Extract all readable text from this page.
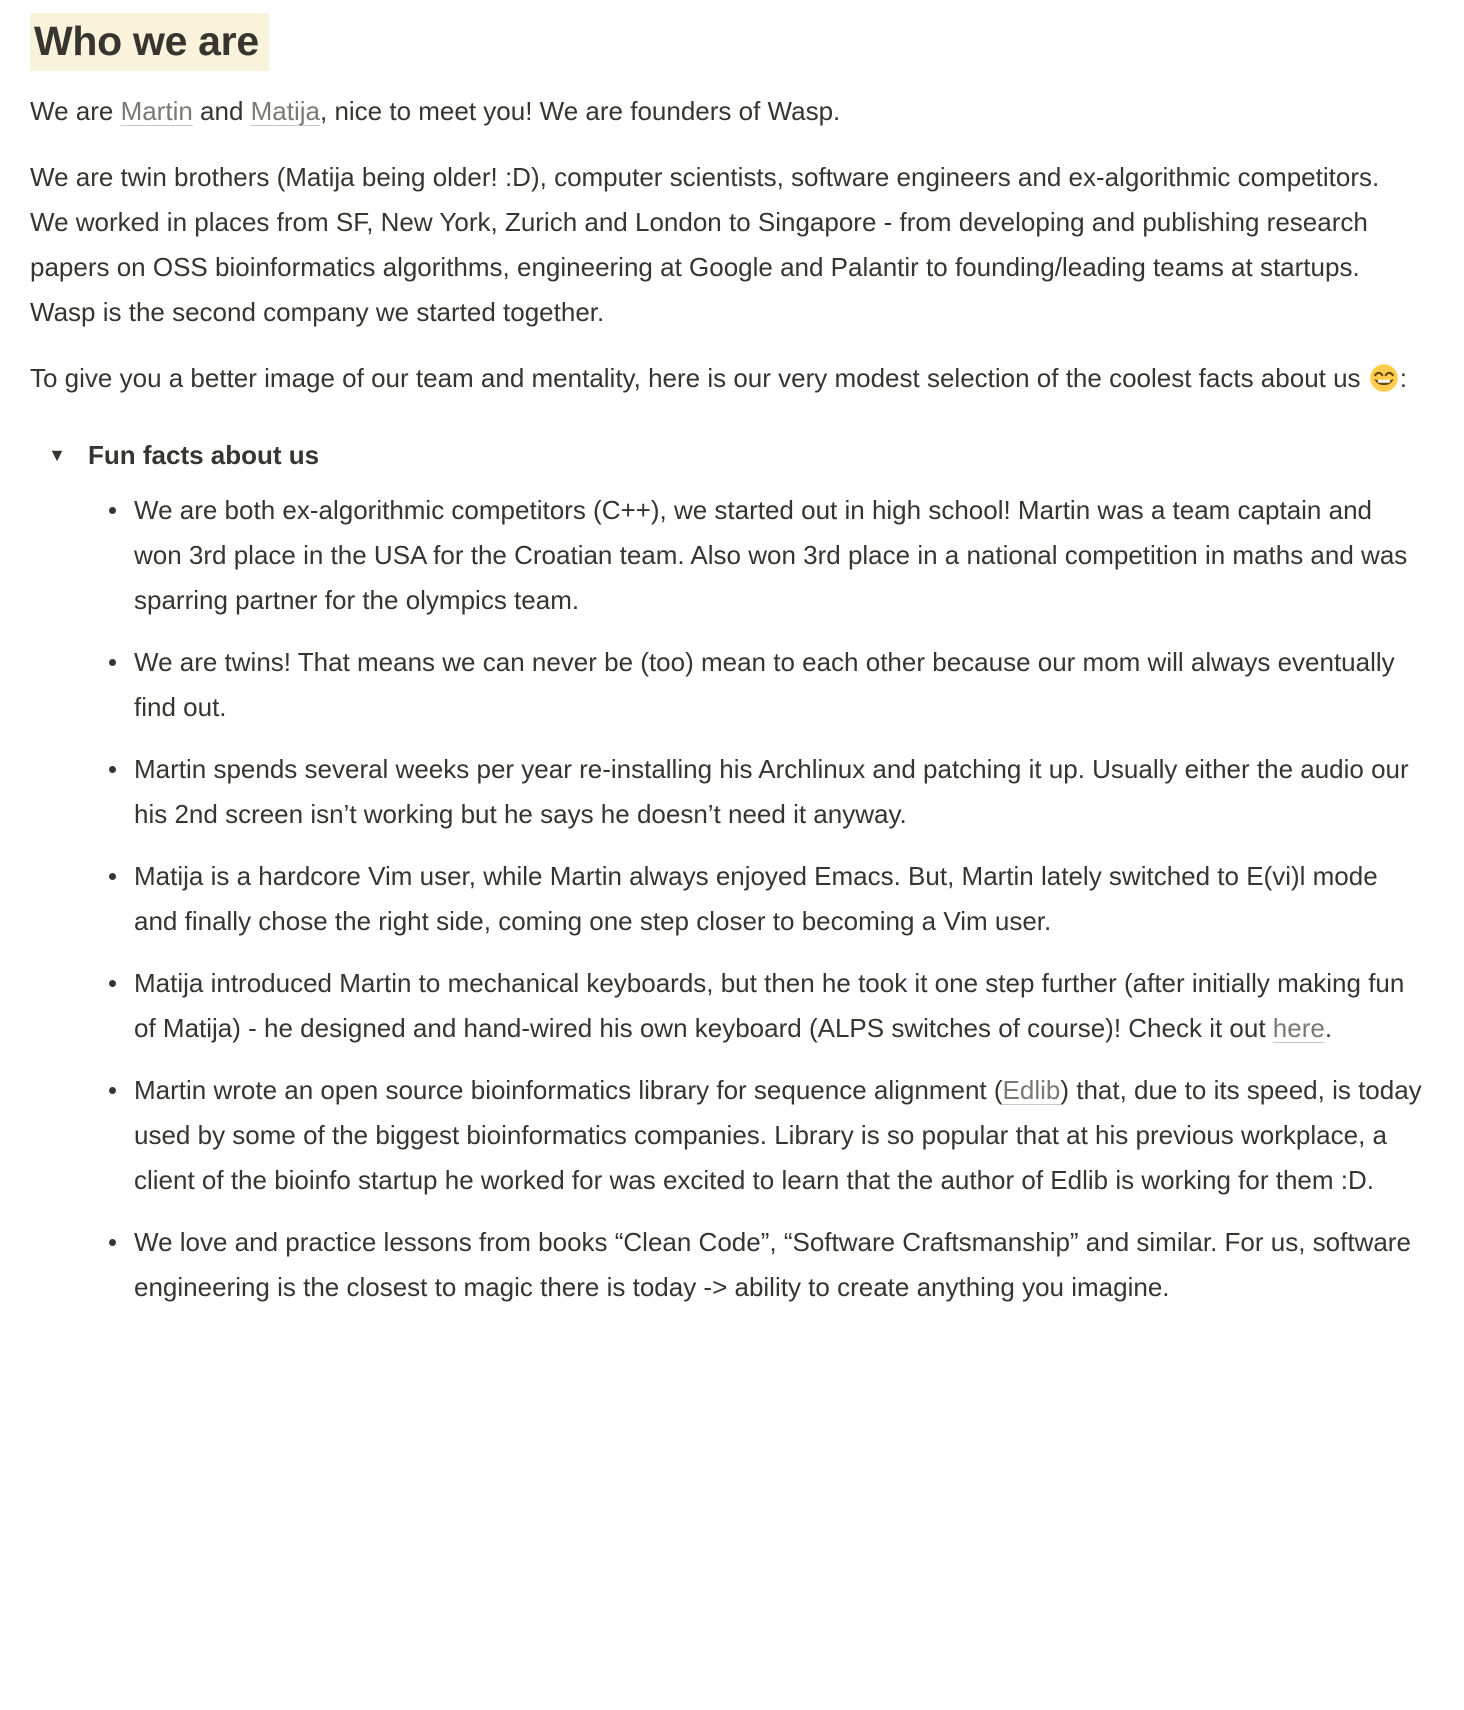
Who we are

We are Martin and Matija, nice to meet you! We are founders of Wasp.

We are twin brothers (Matija being older! :D), computer scientists, software engineers and ex-algorithmic competitors. We worked in places from SF, New York, Zurich and London to Singapore - from developing and publishing research papers on OSS bioinformatics algorithms, engineering at Google and Palantir to founding/leading teams at startups. Wasp is the second company we started together.

To give you a better image of our team and mentality, here is our very modest selection of the coolest facts about us :

▼ Fun facts about us
We are both ex-algorithmic competitors (C++), we started out in high school! Martin was a team captain and won 3rd place in the USA for the Croatian team. Also won 3rd place in a national competition in maths and was sparring partner for the olympics team.
We are twins! That means we can never be (too) mean to each other because our mom will always eventually find out.
Martin spends several weeks per year re-installing his Archlinux and patching it up. Usually either the audio our his 2nd screen isn’t working but he says he doesn’t need it anyway.
Matija is a hardcore Vim user, while Martin always enjoyed Emacs. But, Martin lately switched to E(vi)l mode and finally chose the right side, coming one step closer to becoming a Vim user.
Matija introduced Martin to mechanical keyboards, but then he took it one step further (after initially making fun of Matija) - he designed and hand-wired his own keyboard (ALPS switches of course)! Check it out here.
Martin wrote an open source bioinformatics library for sequence alignment (Edlib) that, due to its speed, is today used by some of the biggest bioinformatics companies. Library is so popular that at his previous workplace, a client of the bioinfo startup he worked for was excited to learn that the author of Edlib is working for them :D.
We love and practice lessons from books “Clean Code”, “Software Craftsmanship” and similar. For us, software engineering is the closest to magic there is today -> ability to create anything you imagine.
